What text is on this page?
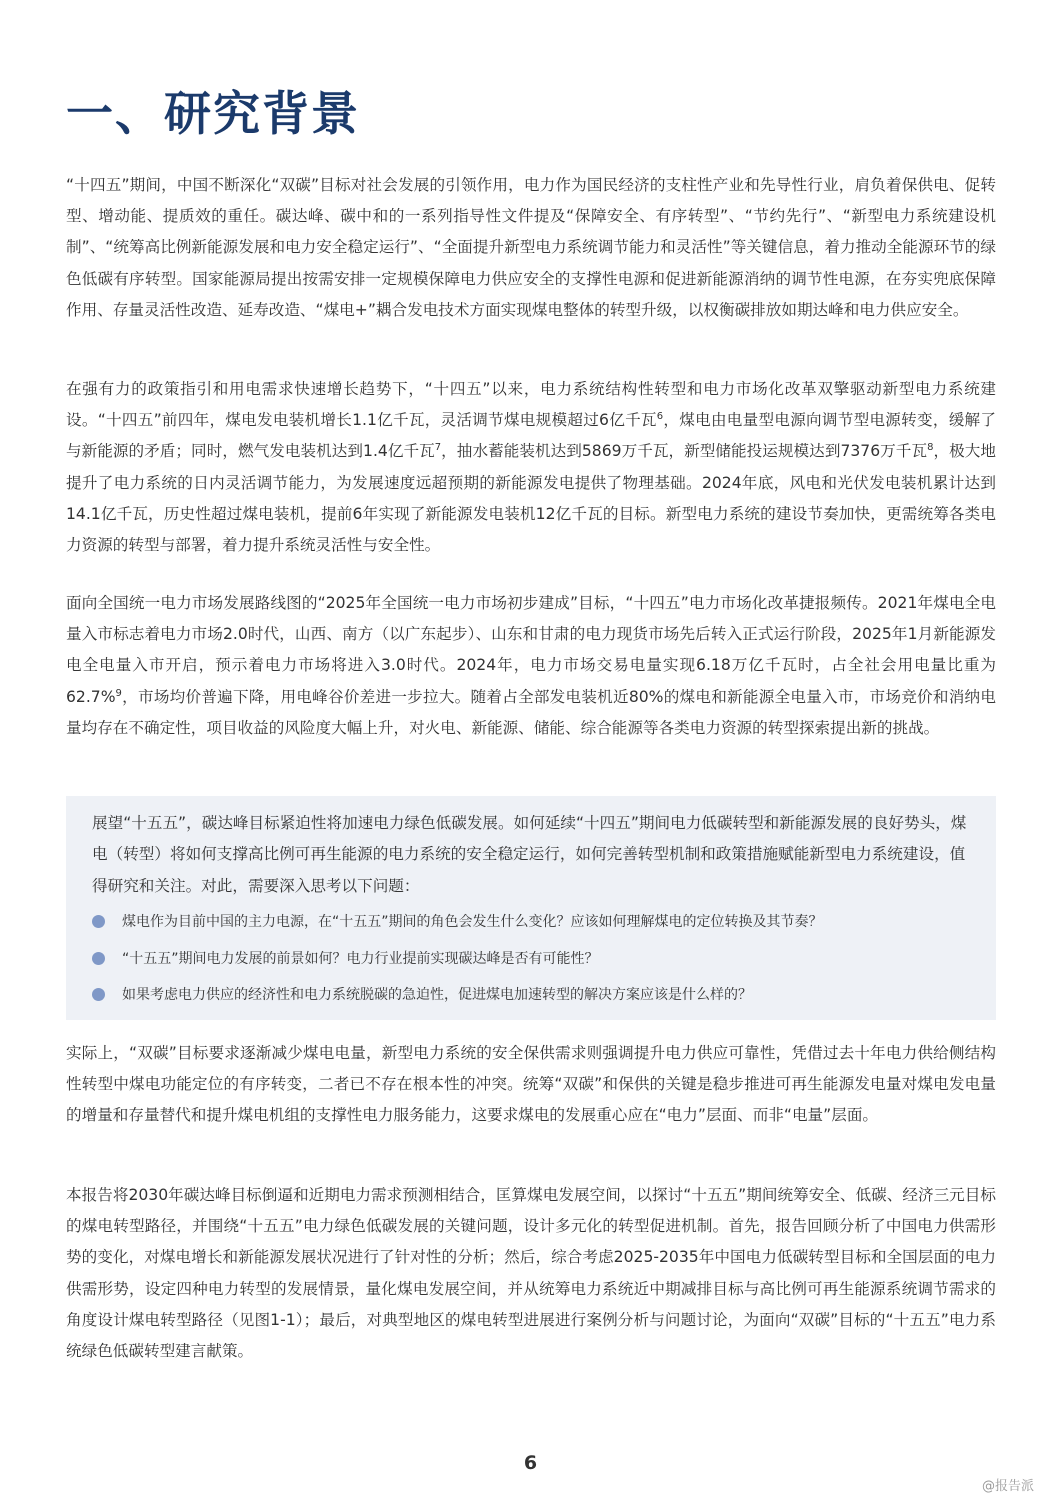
一、研究背景

“十四五”期间，中国不断深化“双碳”目标对社会发展的引领作用，电力作为国民经济的支柱性产业和先导性行业，肩负着保供电、促转型、增动能、提质效的重任。碳达峰、碳中和的一系列指导性文件提及“保障安全、有序转型”、“节约先行”、“新型电力系统建设机制”、“统筹高比例新能源发展和电力安全稳定运行”、“全面提升新型电力系统调节能力和灵活性”等关键信息，着力推动全能源环节的绿色低碳有序转型。国家能源局提出按需安排一定规模保障电力供应安全的支撑性电源和促进新能源消纳的调节性电源，在夯实兜底保障作用、存量灵活性改造、延寿改造、“煤电+”耦合发电技术方面实现煤电整体的转型升级，以权衡碳排放如期达峰和电力供应安全。

在强有力的政策指引和用电需求快速增长趋势下，“十四五”以来，电力系统结构性转型和电力市场化改革双擎驱动新型电力系统建设。“十四五”前四年，煤电发电装机增长1.1亿千瓦，灵活调节煤电规模超过6亿千瓦$^6$，煤电由电量型电源向调节型电源转变，缓解了与新能源的矛盾；同时，燃气发电装机达到1.4亿千瓦$^7$，抽水蓄能装机达到5869万千瓦，新型储能投运规模达到7376万千瓦$^8$，极大地提升了电力系统的日内灵活调节能力，为发展速度远超预期的新能源发电提供了物理基础。2024年底，风电和光伏发电装机累计达到14.1亿千瓦，历史性超过煤电装机，提前6年实现了新能源发电装机12亿千瓦的目标。新型电力系统的建设节奏加快，更需统筹各类电力资源的转型与部署，着力提升系统灵活性与安全性。

面向全国统一电力市场发展路线图的“2025年全国统一电力市场初步建成”目标，“十四五”电力市场化改革捷报频传。2021年煤电全电量入市标志着电力市场2.0时代，山西、南方（以广东起步）、山东和甘肃的电力现货市场先后转入正式运行阶段，2025年1月新能源发电全电量入市开启，预示着电力市场将进入3.0时代。2024年，电力市场交易电量实现6.18万亿千瓦时，占全社会用电量比重为62.7%$^9$，市场均价普遍下降，用电峰谷价差进一步拉大。随着占全部发电装机近80%的煤电和新能源全电量入市，市场竞价和消纳电量均存在不确定性，项目收益的风险度大幅上升，对火电、新能源、储能、综合能源等各类电力资源的转型探索提出新的挑战。

展望“十五五”，碳达峰目标紧迫性将加速电力绿色低碳发展。如何延续“十四五”期间电力低碳转型和新能源发展的良好势头，煤电（转型）将如何支撑高比例可再生能源的电力系统的安全稳定运行，如何完善转型机制和政策措施赋能新型电力系统建设，值得研究和关注。对此，需要深入思考以下问题：

煤电作为目前中国的主力电源，在“十五五”期间的角色会发生什么变化？应该如何理解煤电的定位转换及其节奏？
“十五五”期间电力发展的前景如何？电力行业提前实现碳达峰是否有可能性？
如果考虑电力供应的经济性和电力系统脱碳的急迫性，促进煤电加速转型的解决方案应该是什么样的？

实际上，“双碳”目标要求逐渐减少煤电电量，新型电力系统的安全保供需求则强调提升电力供应可靠性，凭借过去十年电力供给侧结构性转型中煤电功能定位的有序转变，二者已不存在根本性的冲突。统筹“双碳”和保供的关键是稳步推进可再生能源发电量对煤电发电量的增量和存量替代和提升煤电机组的支撑性电力服务能力，这要求煤电的发展重心应在“电力”层面、而非“电量”层面。

本报告将2030年碳达峰目标倒逼和近期电力需求预测相结合，匡算煤电发展空间，以探讨“十五五”期间统筹安全、低碳、经济三元目标的煤电转型路径，并围绕“十五五”电力绿色低碳发展的关键问题，设计多元化的转型促进机制。首先，报告回顾分析了中国电力供需形势的变化，对煤电增长和新能源发展状况进行了针对性的分析；然后，综合考虑2025-2035年中国电力低碳转型目标和全国层面的电力供需形势，设定四种电力转型的发展情景，量化煤电发展空间，并从统筹电力系统近中期减排目标与高比例可再生能源系统调节需求的角度设计煤电转型路径（见图1-1）；最后，对典型地区的煤电转型进展进行案例分析与问题讨论，为面向“双碳”目标的“十五五”电力系统绿色低碳转型建言献策。

6

@报告派
